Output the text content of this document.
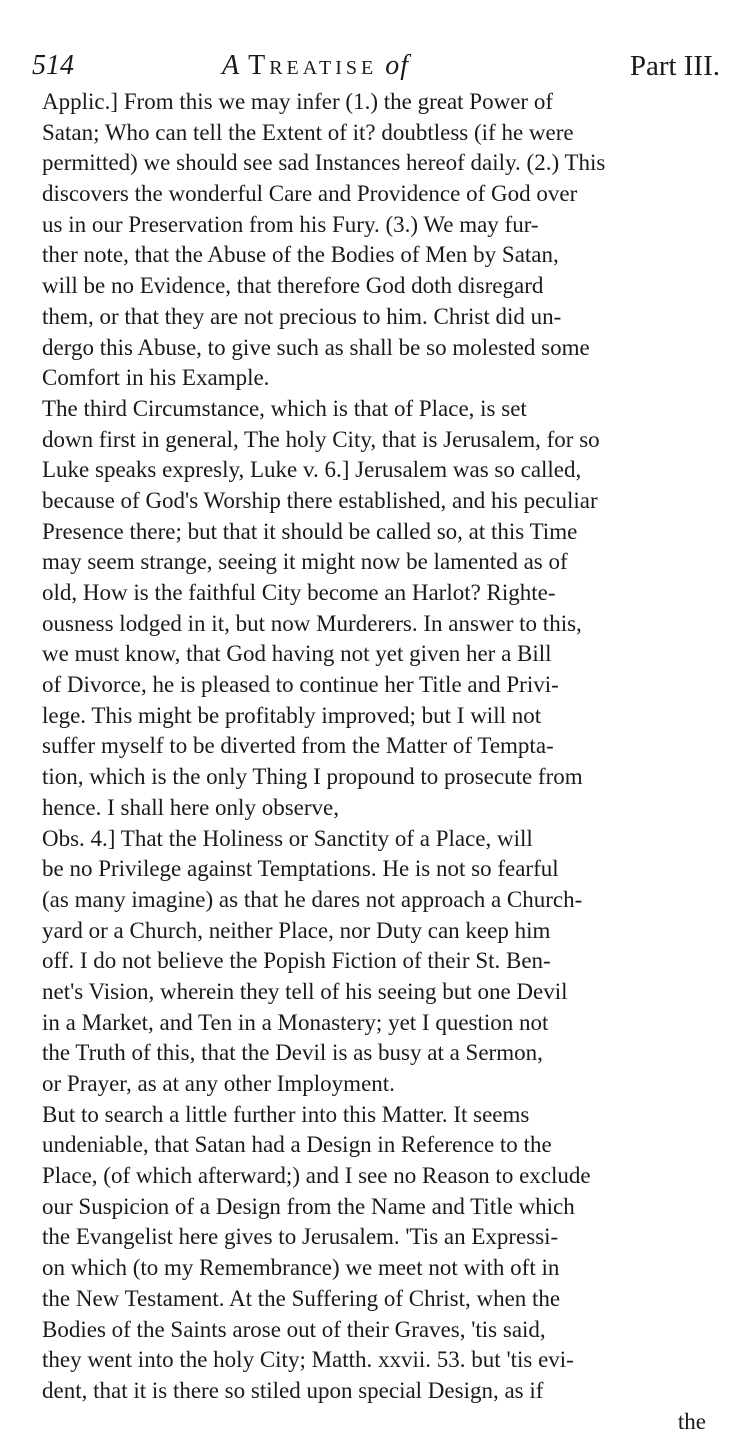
514	A Treatise of	Part III.
Applic.] From this we may infer (1.) the great Power of
Satan; Who can tell the Extent of it? doubtless (if he were
permitted) we should see sad Instances hereof daily. (2.) This
discovers the wonderful Care and Providence of God over
us in our Preservation from his Fury. (3.) We may fur-
ther note, that the Abuse of the Bodies of Men by Satan,
will be no Evidence, that therefore God doth disregard
them, or that they are not precious to him. Christ did un-
dergo this Abuse, to give such as shall be so molested some
Comfort in his Example.
The third Circumstance, which is that of Place, is set
down first in general, The holy City, that is Jerusalem, for so
Luke speaks expresly, Luke v. 6.] Jerusalem was so called,
because of God's Worship there established, and his peculiar
Presence there; but that it should be called so, at this Time
may seem strange, seeing it might now be lamented as of
old, How is the faithful City become an Harlot? Righte-
ousness lodged in it, but now Murderers. In answer to this,
we must know, that God having not yet given her a Bill
of Divorce, he is pleased to continue her Title and Privi-
lege. This might be profitably improved; but I will not
suffer myself to be diverted from the Matter of Tempta-
tion, which is the only Thing I propound to prosecute from
hence. I shall here only observe,
Obs. 4.] That the Holiness or Sanctity of a Place, will
be no Privilege against Temptations. He is not so fearful
(as many imagine) as that he dares not approach a Church-
yard or a Church, neither Place, nor Duty can keep him
off. I do not believe the Popish Fiction of their St. Ben-
net's Vision, wherein they tell of his seeing but one Devil
in a Market, and Ten in a Monastery; yet I question not
the Truth of this, that the Devil is as busy at a Sermon,
or Prayer, as at any other Imployment.
But to search a little further into this Matter. It seems
undeniable, that Satan had a Design in Reference to the
Place, (of which afterward;) and I see no Reason to exclude
our Suspicion of a Design from the Name and Title which
the Evangelist here gives to Jerusalem. 'Tis an Expressi-
on which (to my Remembrance) we meet not with oft in
the New Testament. At the Suffering of Christ, when the
Bodies of the Saints arose out of their Graves, 'tis said,
they went into the holy City; Matth. xxvii. 53. but 'tis evi-
dent, that it is there so stiled upon special Design, as if
the
